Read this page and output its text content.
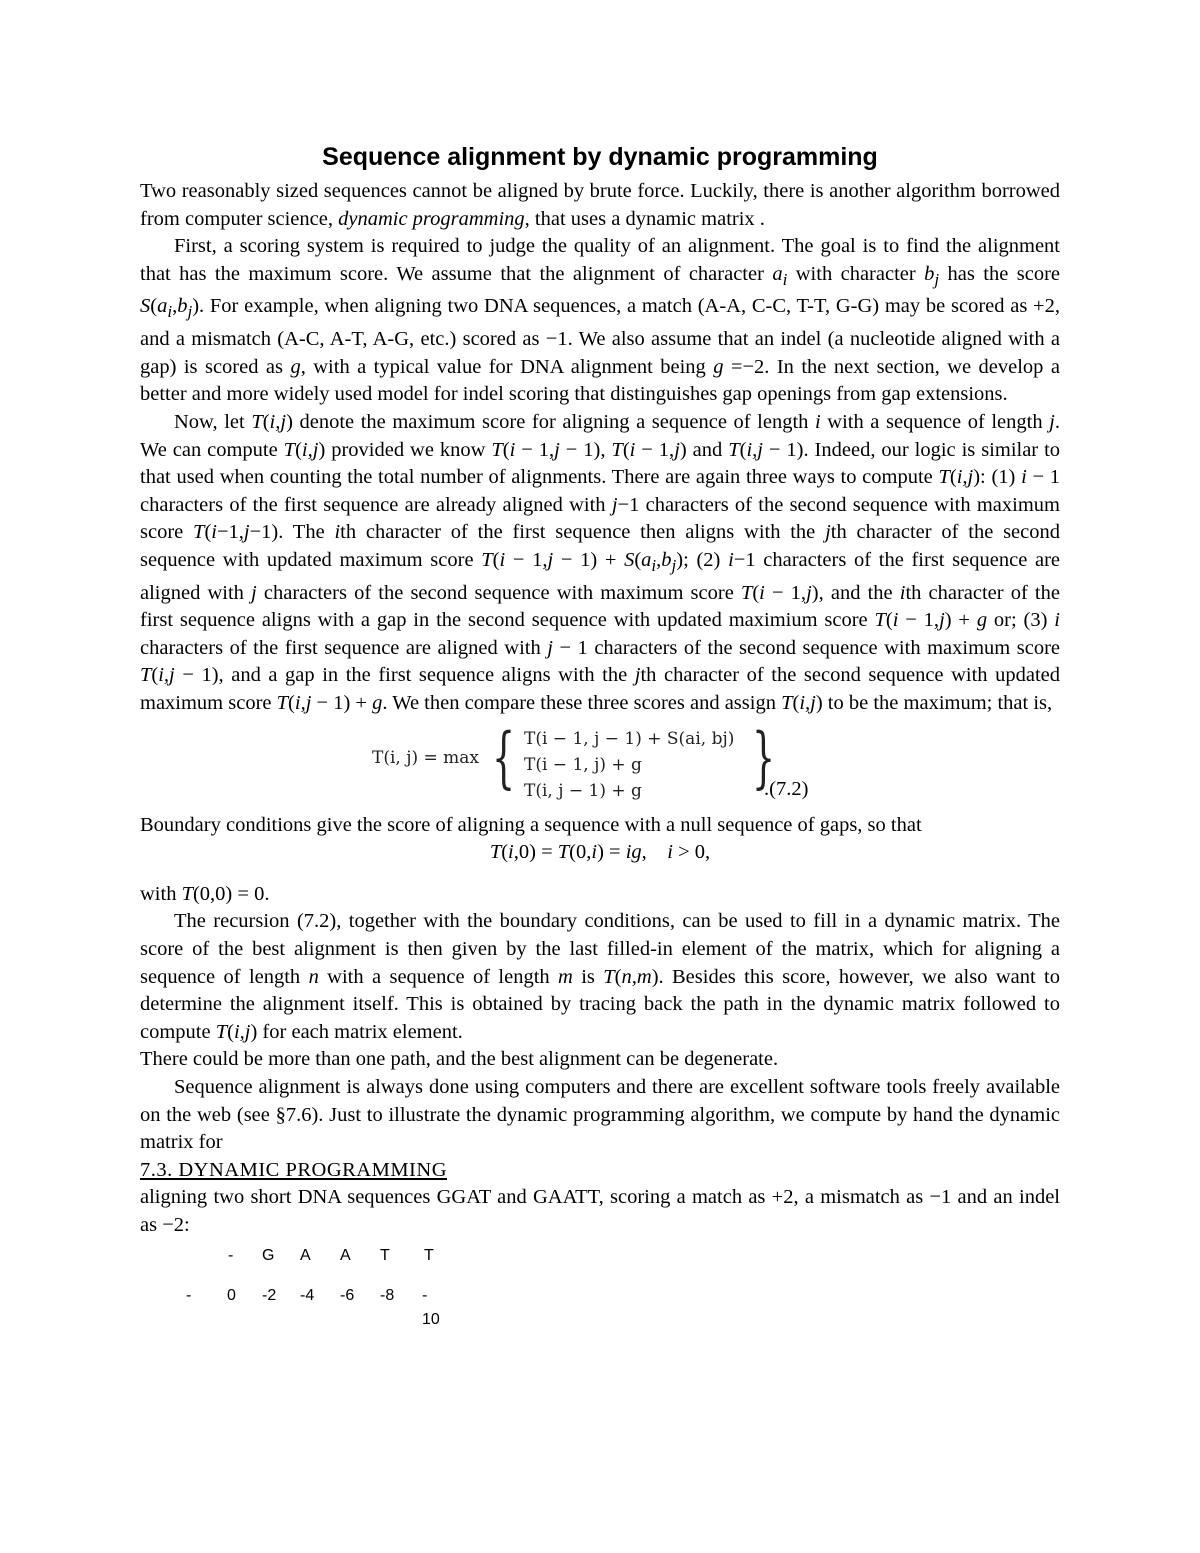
Sequence alignment by dynamic programming

Two reasonably sized sequences cannot be aligned by brute force. Luckily, there is another algorithm borrowed from computer science, dynamic programming, that uses a dynamic matrix .

First, a scoring system is required to judge the quality of an alignment. The goal is to find the alignment that has the maximum score. We assume that the alignment of character $a_i$ with character $b_j$ has the score $S(a_i,b_j)$. For example, when aligning two DNA sequences, a match (A-A, C-C, T-T, G-G) may be scored as +2, and a mismatch (A-C, A-T, A-G, etc.) scored as −1. We also assume that an indel (a nucleotide aligned with a gap) is scored as g, with a typical value for DNA alignment being g =−2. In the next section, we develop a better and more widely used model for indel scoring that distinguishes gap openings from gap extensions.

Now, let T(i,j) denote the maximum score for aligning a sequence of length i with a sequence of length j. We can compute T(i,j) provided we know T(i − 1,j − 1), T(i − 1,j) and T(i,j − 1). Indeed, our logic is similar to that used when counting the total number of alignments. There are again three ways to compute T(i,j): (1) i − 1 characters of the first sequence are already aligned with j−1 characters of the second sequence with maximum score T(i−1,j−1). The ith character of the first sequence then aligns with the jth character of the second sequence with updated maximum score $T(i - 1,j - 1) + S(a_i,b_j)$; (2) i−1 characters of the first sequence are aligned with j characters of the second sequence with maximum score T(i − 1,j), and the ith character of the first sequence aligns with a gap in the second sequence with updated maximium score T(i − 1,j) + g or; (3) i characters of the first sequence are aligned with j − 1 characters of the second sequence with maximum score T(i,j − 1), and a gap in the first sequence aligns with the jth character of the second sequence with updated maximum score T(i,j − 1) + g. We then compare these three scores and assign T(i,j) to be the maximum; that is,

T(i, j) = max { T(i − 1, j − 1) + S(ai, bj)
T(i − 1, j) + g
T(i, j − 1) + g	}
.(7.2)

Boundary conditions give the score of aligning a sequence with a null sequence of gaps, so that

T(i,0) = T(0,i) = ig,    i > 0,

with T(0,0) = 0.

The recursion (7.2), together with the boundary conditions, can be used to fill in a dynamic matrix. The score of the best alignment is then given by the last filled-in element of the matrix, which for aligning a sequence of length n with a sequence of length m is T(n,m). Besides this score, however, we also want to determine the alignment itself. This is obtained by tracing back the path in the dynamic matrix followed to compute T(i,j) for each matrix element.

There could be more than one path, and the best alignment can be degenerate.

Sequence alignment is always done using computers and there are excellent software tools freely available on the web (see §7.6). Just to illustrate the dynamic programming algorithm, we compute by hand the dynamic matrix for

7.3. DYNAMIC PROGRAMMING

aligning two short DNA sequences GGAT and GAATT, scoring a match as +2, a mismatch as −1 and an indel as −2:

- G A A T T
- 0 -2 -4 -6 -8 -
10
